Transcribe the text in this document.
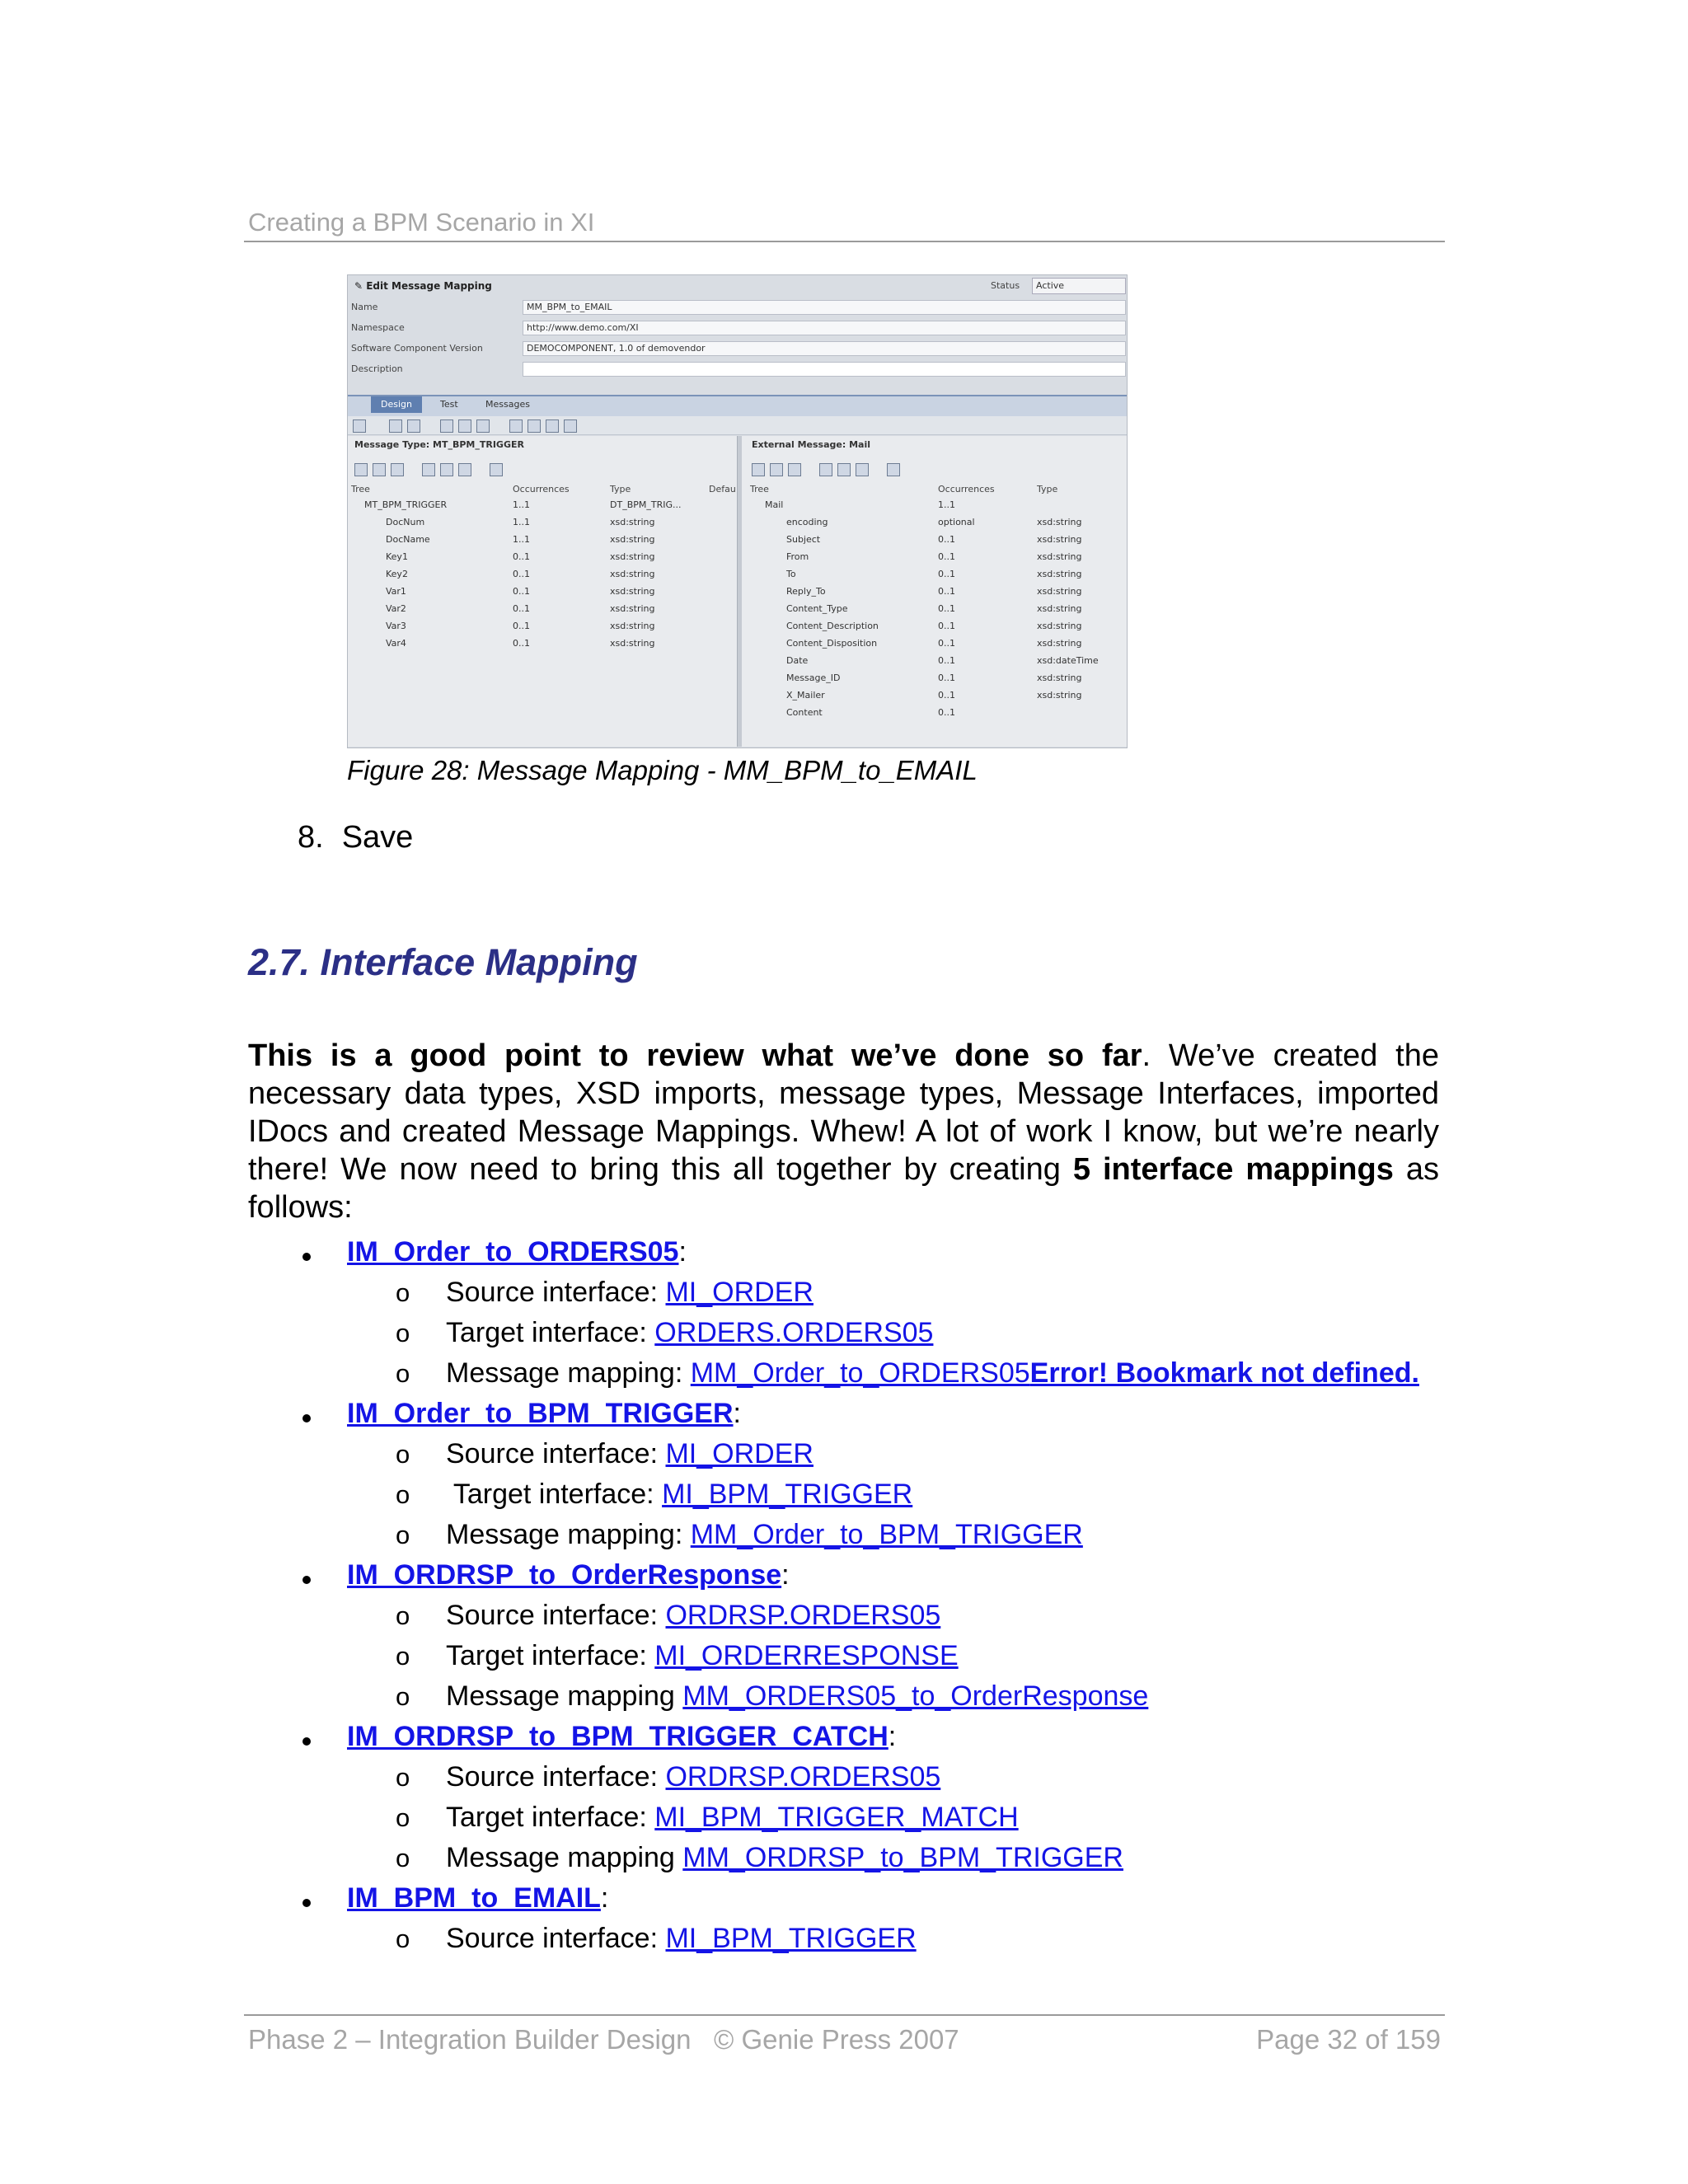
Creating a BPM Scenario in XI
✎ Edit Message Mapping	Status	Active
Name	MM_BPM_to_EMAIL
Namespace	http://www.demo.com/XI
Software Component Version	DEMOCOMPONENT, 1.0 of demovendor
Description
Design	Test	Messages
Message Type: MT_BPM_TRIGGER
Tree	Occurrences	Type	Defau
External Message: Mail
Tree	Occurrences	Type
MT_BPM_TRIGGER	1..1	DT_BPM_TRIG...
DocNum	1..1	xsd:string
DocName	1..1	xsd:string
Key1	0..1	xsd:string
Key2	0..1	xsd:string
Var1	0..1	xsd:string
Var2	0..1	xsd:string
Var3	0..1	xsd:string
Var4	0..1	xsd:string
Mail	1..1
encoding	optional	xsd:string
Subject	0..1	xsd:string
From	0..1	xsd:string
To	0..1	xsd:string
Reply_To	0..1	xsd:string
Content_Type	0..1	xsd:string
Content_Description	0..1	xsd:string
Content_Disposition	0..1	xsd:string
Date	0..1	xsd:dateTime
Message_ID	0..1	xsd:string
X_Mailer	0..1	xsd:string
Content	0..1
Figure 28: Message Mapping - MM_BPM_to_EMAIL
8. Save
2.7. Interface Mapping
This is a good point to review what we’ve done so far. We’ve created the necessary data types, XSD imports, message types, Message Interfaces, imported IDocs and created Message Mappings. Whew! A lot of work I know, but we’re nearly there! We now need to bring this all together by creating 5 interface mappings as follows:
IM_Order_to_ORDERS05:
o Source interface: MI_ORDER
o Target interface: ORDERS.ORDERS05
o Message mapping: MM_Order_to_ORDERS05Error! Bookmark not defined.
IM_Order_to_BPM_TRIGGER:
o Source interface: MI_ORDER
o Target interface: MI_BPM_TRIGGER
o Message mapping: MM_Order_to_BPM_TRIGGER
IM_ORDRSP_to_OrderResponse:
o Source interface: ORDRSP.ORDERS05
o Target interface: MI_ORDERRESPONSE
o Message mapping MM_ORDERS05_to_OrderResponse
IM_ORDRSP_to_BPM_TRIGGER_CATCH:
o Source interface: ORDRSP.ORDERS05
o Target interface: MI_BPM_TRIGGER_MATCH
o Message mapping MM_ORDRSP_to_BPM_TRIGGER
IM_BPM_to_EMAIL:
o Source interface: MI_BPM_TRIGGER
Phase 2 – Integration Builder Design   © Genie Press 2007	Page 32 of 159
